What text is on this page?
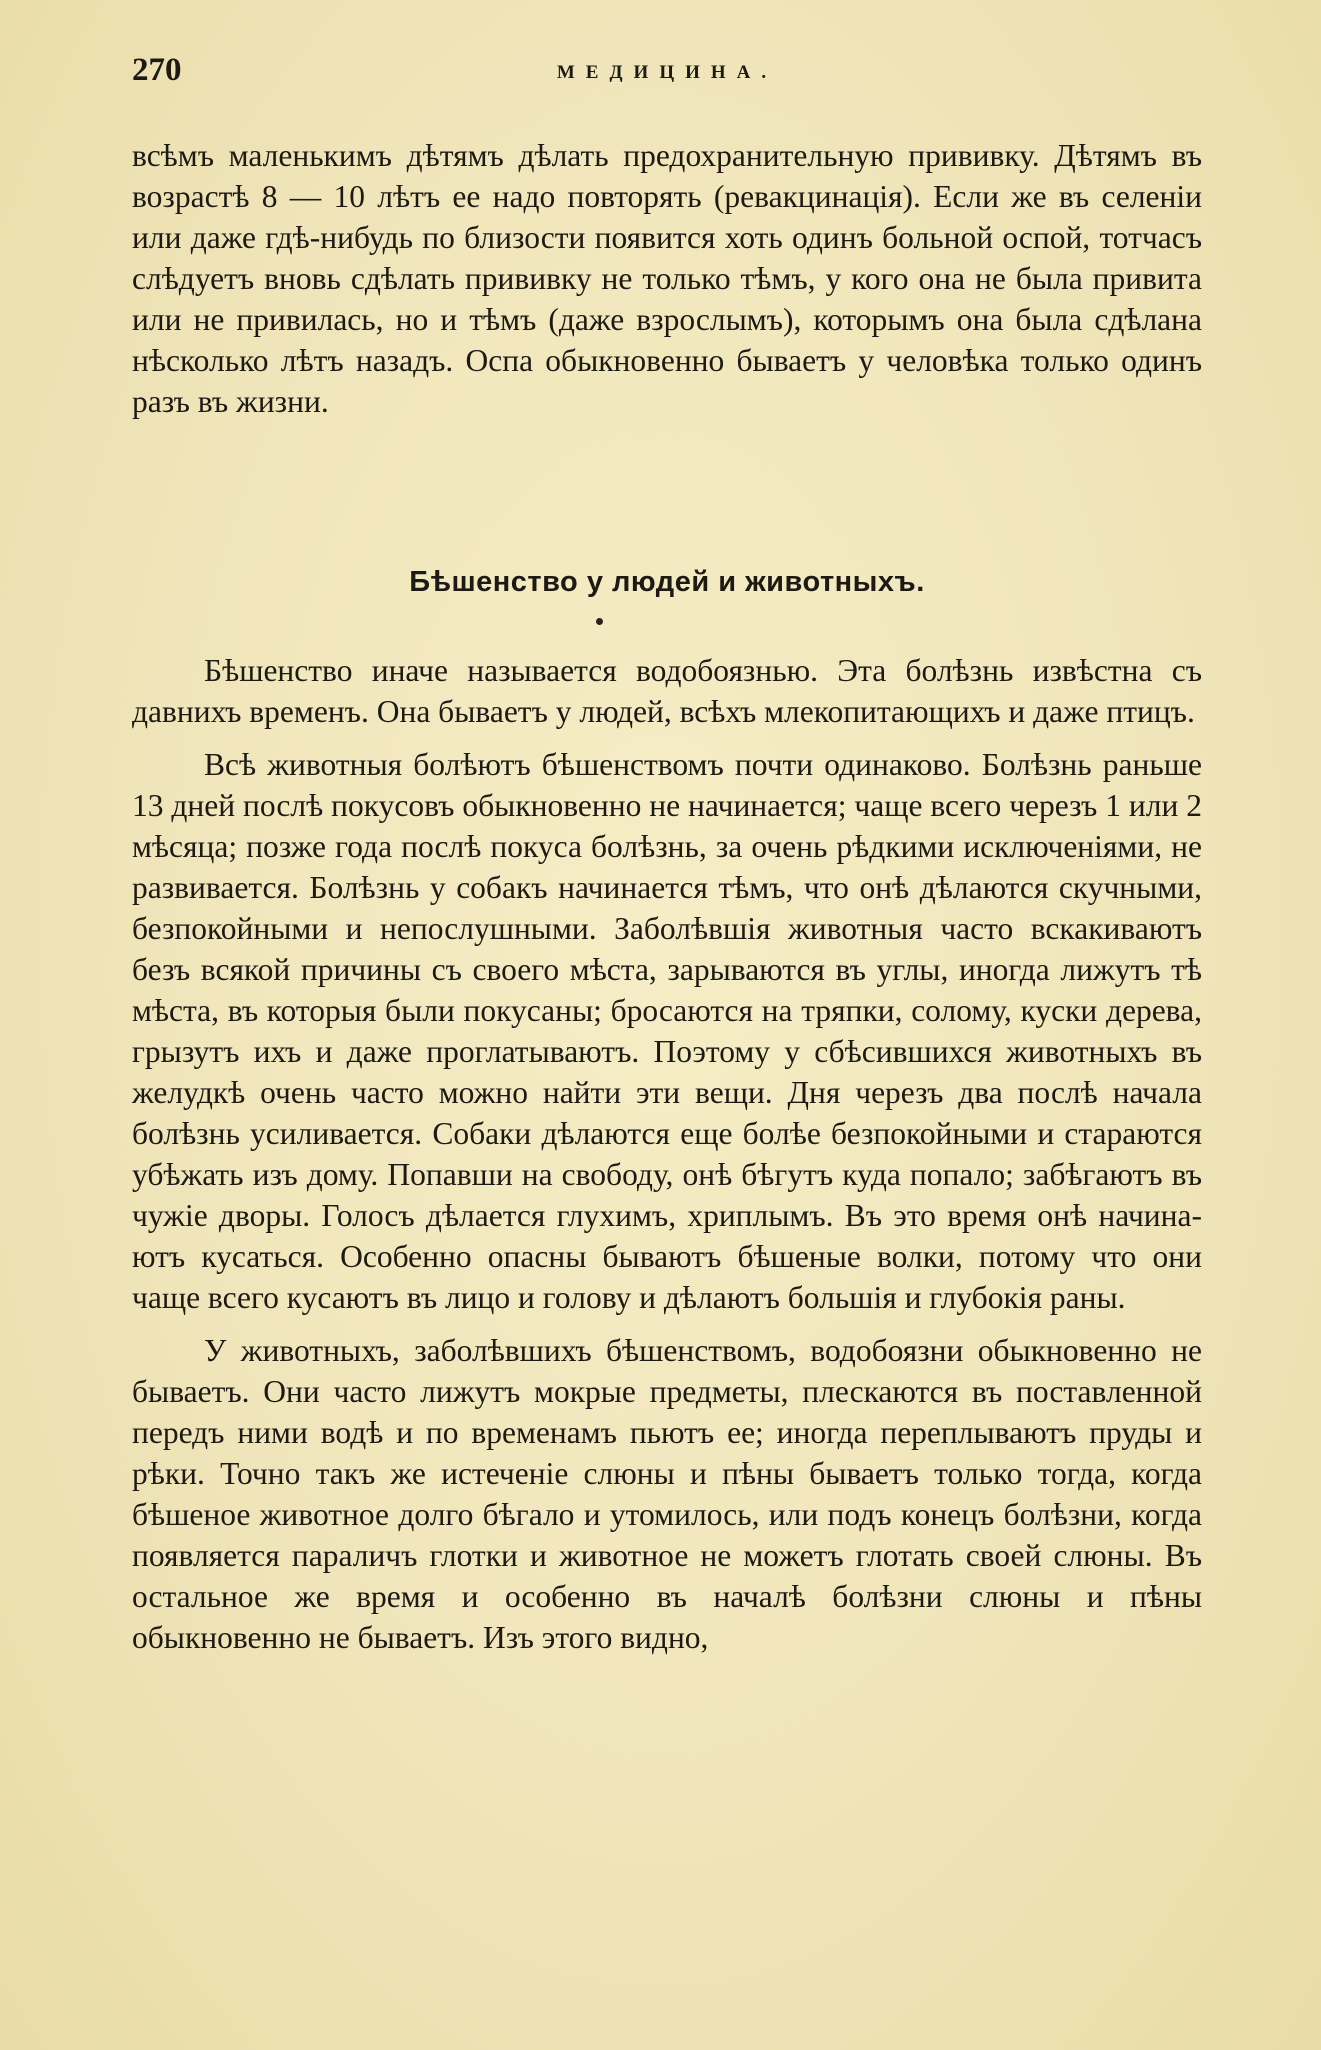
270	МЕДИЦИНА.

всѣмъ маленькимъ дѣтямъ дѣлать предохранительную прививку. Дѣтямъ въ возрастѣ 8 — 10 лѣтъ ее надо повторять (ревакцинація). Если же въ селеніи или даже гдѣ-нибудь по близости появится хоть одинъ больной оспой, тотчасъ слѣдуетъ вновь сдѣлать прививку не только тѣмъ, у кого она не была привита или не привилась, но и тѣмъ (даже взрослымъ), которымъ она была сдѣлана нѣсколько лѣтъ назадъ. Оспа обыкновенно бываетъ у человѣка только одинъ разъ въ жизни.

Бѣшенство у людей и животныхъ.

Бѣшенство иначе называется водобоязнью. Эта болѣзнь извѣстна съ давнихъ временъ. Она бываетъ у людей, всѣхъ млекопитающихъ и даже птицъ.

Всѣ животныя болѣютъ бѣшенствомъ почти одинаково. Болѣзнь раньше 13 дней послѣ покусовъ обыкновенно не начинается; чаще всего черезъ 1 или 2 мѣсяца; позже года послѣ покуса болѣзнь, за очень рѣдкими исключеніями, не развивается. Болѣзнь у собакъ начинается тѣмъ, что онѣ дѣлаются скучными, безпокойными и непослушными. Заболѣвшія животныя часто вскакиваютъ безъ всякой причины съ своего мѣста, зарываются въ углы, иногда лижутъ тѣ мѣста, въ которыя были покусаны; бросаются на тряпки, солому, куски дерева, грызутъ ихъ и даже проглатываютъ. Поэтому у сбѣсившихся животныхъ въ желудкѣ очень часто можно найти эти вещи. Дня черезъ два послѣ начала болѣзнь усиливается. Собаки дѣлаются еще болѣе безпокойными и стараются убѣжать изъ дому. Попавши на свободу, онѣ бѣгутъ куда попало; забѣгаютъ въ чужіе дворы. Голосъ дѣлается глухимъ, хриплымъ. Въ это время онѣ начинаютъ кусаться. Особенно опасны бываютъ бѣшеные волки, потому что они чаще всего кусаютъ въ лицо и голову и дѣлаютъ большія и глубокія раны.

У животныхъ, заболѣвшихъ бѣшенствомъ, водобоязни обыкновенно не бываетъ. Они часто лижутъ мокрые предметы, плескаются въ поставленной передъ ними водѣ и по временамъ пьютъ ее; иногда переплываютъ пруды и рѣки. Точно такъ же истеченіе слюны и пѣны бываетъ только тогда, когда бѣшеное животное долго бѣгало и утомилось, или подъ конецъ болѣзни, когда появляется параличъ глотки и животное не можетъ глотать своей слюны. Въ остальное же время и особенно въ началѣ болѣзни слюны и пѣны обыкновенно не бываетъ. Изъ этого видно,
